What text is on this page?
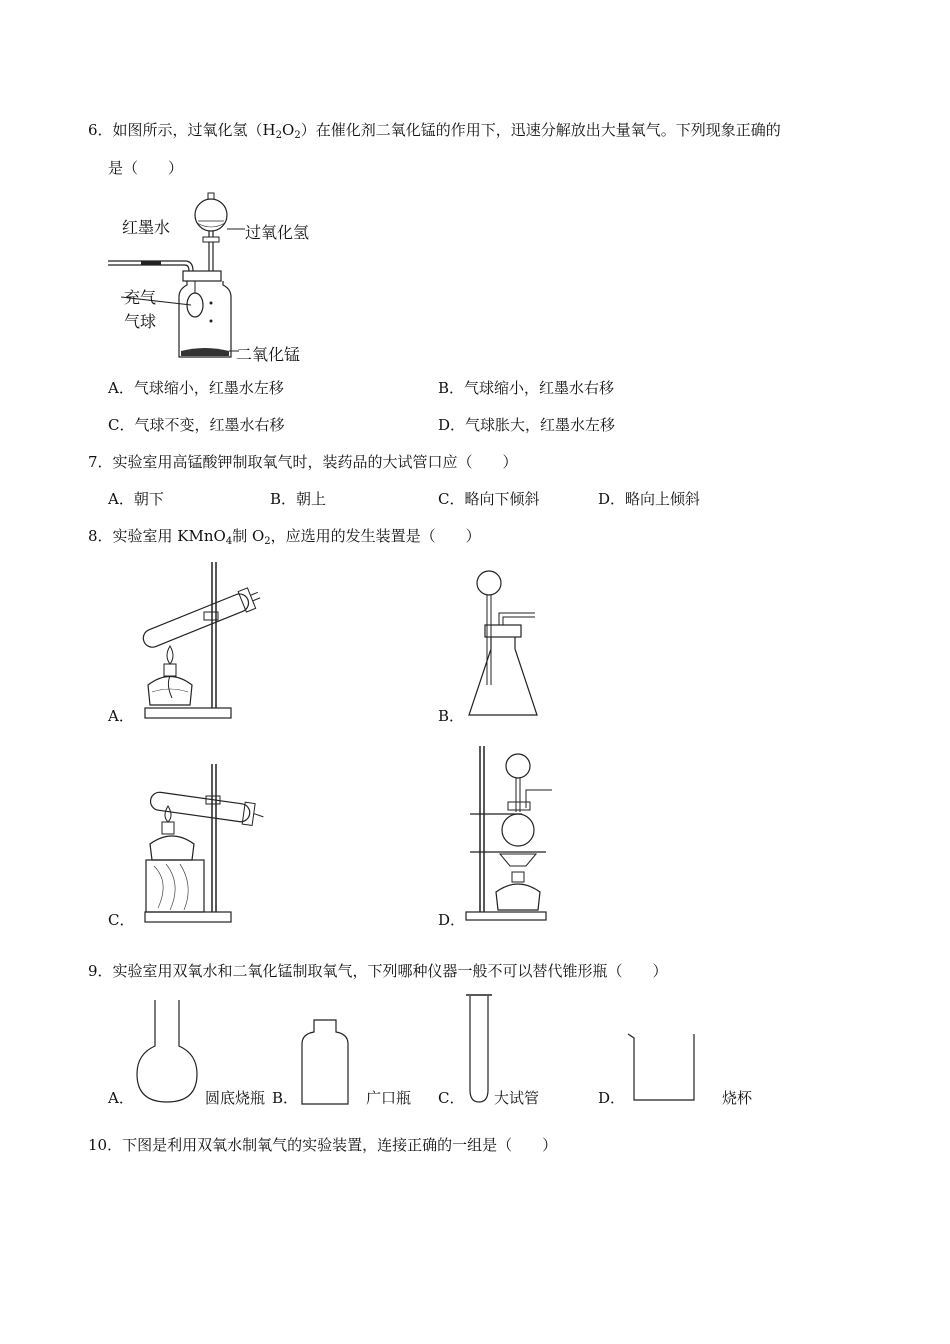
6．如图所示，过氧化氢$(H_2O_2)$在催化剂二氧化锰的作用下，迅速分解放出大量氧气。下列现象正确的
是（　　）
红墨水	过氧化氢
充气
气球
二氧化锰
A．气球缩小，红墨水左移	B．气球缩小，红墨水右移
C．气球不变，红墨水右移	D．气球胀大，红墨水左移
7．实验室用高锰酸钾制取氧气时，装药品的大试管口应（　　）
A．朝下	B．朝上	C．略向下倾斜	D．略向上倾斜
8．实验室用 KMnO$_4$制 $O_2$，应选用的发生装置是（　　）
A．	B．
C．	D．
9．实验室用双氧水和二氧化锰制取氧气，下列哪种仪器一般不可以替代锥形瓶（　　）
A．	圆底烧瓶 B．	广口瓶 C． 大试管	D．	烧杯
10．下图是利用双氧水制氧气的实验装置，连接正确的一组是（　　）
